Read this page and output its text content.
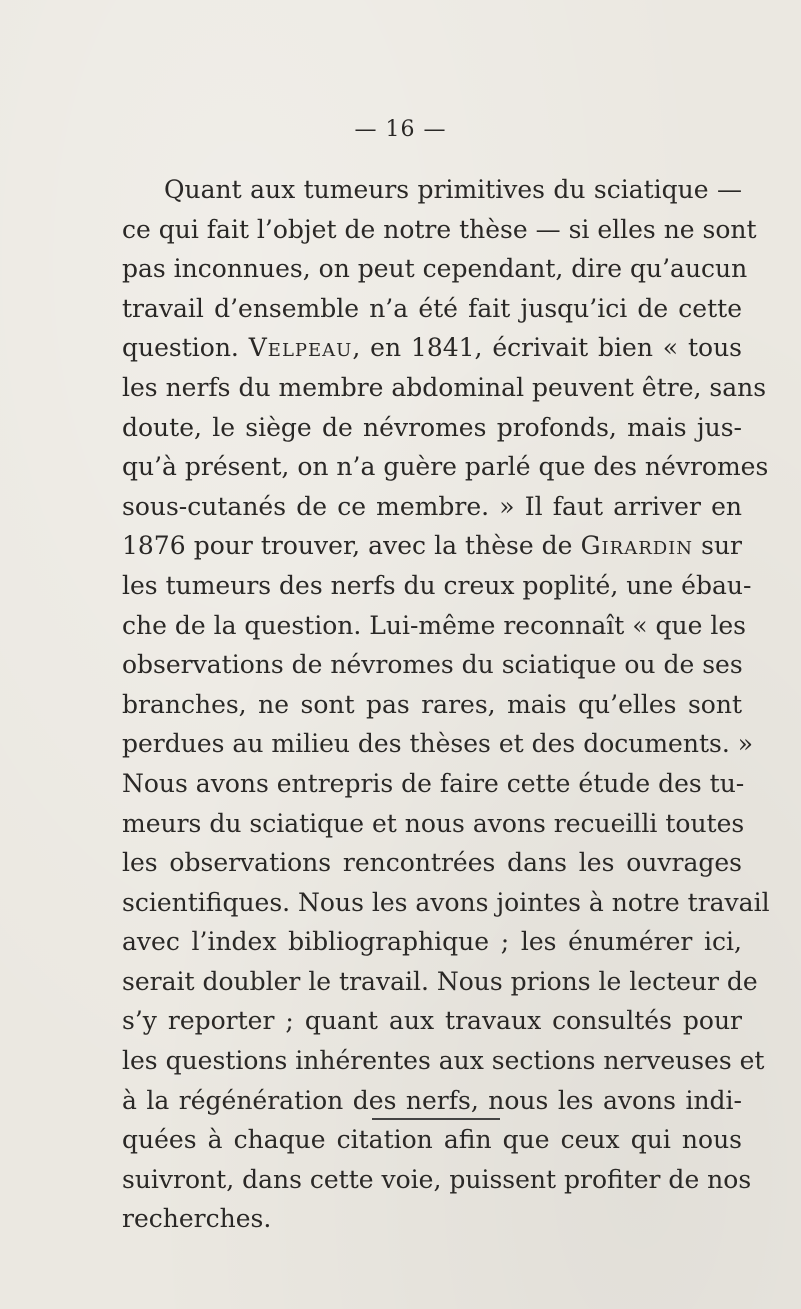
— 16 —
Quant aux tumeurs primitives du sciatique —
ce qui fait l’objet de notre thèse — si elles ne sont
pas inconnues, on peut cependant, dire qu’aucun
travail d’ensemble n’a été fait jusqu’ici de cette
question. Velpeau, en 1841, écrivait bien « tous
les nerfs du membre abdominal peuvent être, sans
doute, le siège de névromes profonds, mais jus-
qu’à présent, on n’a guère parlé que des névromes
sous-cutanés de ce membre. » Il faut arriver en
1876 pour trouver, avec la thèse de Girardin sur
les tumeurs des nerfs du creux poplité, une ébau-
che de la question. Lui-même reconnaît « que les
observations de névromes du sciatique ou de ses
branches, ne sont pas rares, mais qu’elles sont
perdues au milieu des thèses et des documents. »
Nous avons entrepris de faire cette étude des tu-
meurs du sciatique et nous avons recueilli toutes
les observations rencontrées dans les ouvrages
scientifiques. Nous les avons jointes à notre travail
avec l’index bibliographique ; les énumérer ici,
serait doubler le travail. Nous prions le lecteur de
s’y reporter ; quant aux travaux consultés pour
les questions inhérentes aux sections nerveuses et
à la régénération des nerfs, nous les avons indi-
quées à chaque citation afin que ceux qui nous
suivront, dans cette voie, puissent profiter de nos
recherches.
